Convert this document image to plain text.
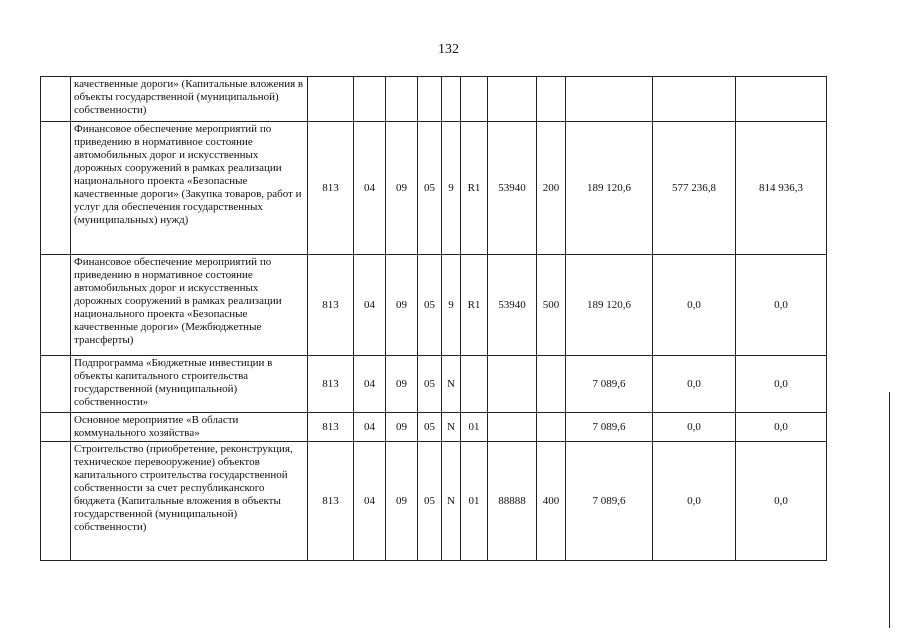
132
	качественные дороги» (Капитальные вложения в объекты государственной (муниципальной) собственности)											
	Финансовое обеспечение мероприятий по приведению в нормативное состояние автомобильных дорог и искусственных дорожных сооружений в рамках реализации национального проекта «Безопасные качественные дороги» (Закупка товаров, работ и услуг для обеспечения государственных (муниципальных) нужд)	813	04	09	05	9	R1	53940	200	189 120,6	577 236,8	814 936,3
	Финансовое обеспечение мероприятий по приведению в нормативное состояние автомобильных дорог и искусственных дорожных сооружений в рамках реализации национального проекта «Безопасные качественные дороги» (Межбюджетные трансферты)	813	04	09	05	9	R1	53940	500	189 120,6	0,0	0,0
	Подпрограмма «Бюджетные инвестиции в объекты капитального строительства государственной (муниципальной) собственности»	813	04	09	05	N				7 089,6	0,0	0,0
	Основное мероприятие «В области коммунального хозяйства»	813	04	09	05	N	01			7 089,6	0,0	0,0
	Строительство (приобретение, реконструкция, техническое перевооружение) объектов капитального строительства государственной собственности за счет республиканского бюджета (Капитальные вложения в объекты государственной (муниципальной) собственности)	813	04	09	05	N	01	88888	400	7 089,6	0,0	0,0
